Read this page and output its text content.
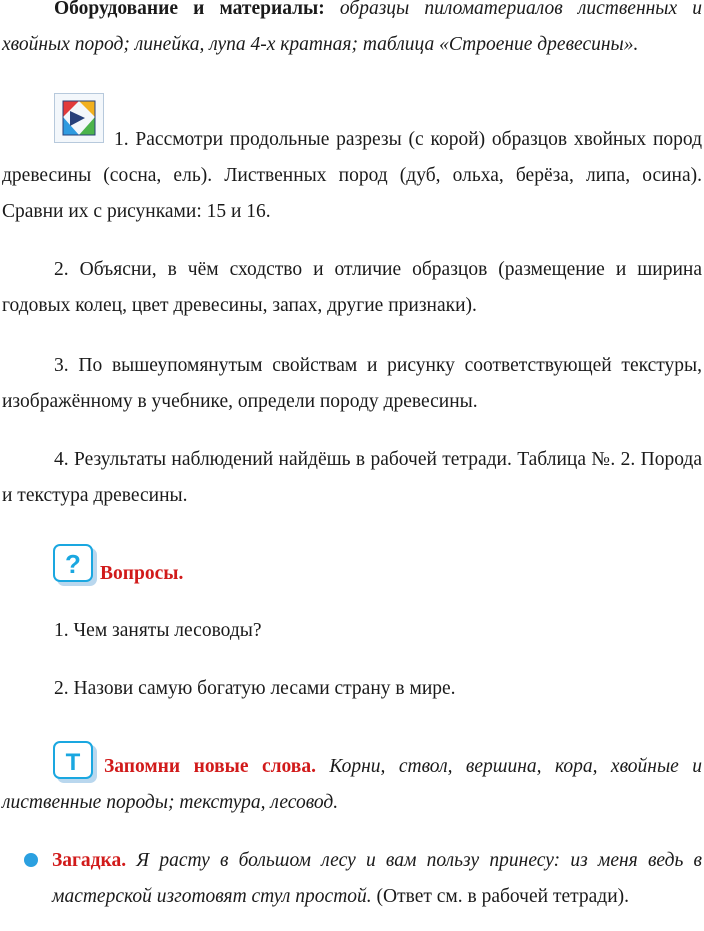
Оборудование и материалы: образцы пиломатериалов лиственных и хвойных пород; линейка, лупа 4-х кратная; таблица «Строение древесины».

1. Рассмотри продольные разрезы (с корой) образцов хвойных пород древесины (сосна, ель). Лиственных пород (дуб, ольха, берёза, липа, осина). Сравни их с рисунками: 15 и 16.

2. Объясни, в чём сходство и отличие образцов (размещение и ширина годовых колец, цвет древесины, запах, другие признаки).

3. По вышеупомянутым свойствам и рисунку соответствующей текстуры, изображённому в учебнике, определи породу древесины.

4. Результаты наблюдений найдёшь в рабочей тетради. Таблица №. 2. Порода и текстура древесины.

? Вопросы.

1. Чем заняты лесоводы?

2. Назови самую богатую лесами страну в мире.

T	Запомни новые слова. Корни, ствол, вершина, кора, хвойные и лиственные породы; текстура, лесовод.

Загадка. Я расту в большом лесу и вам пользу принесу: из меня ведь в мастерской изготовят стул простой. (Ответ см. в рабочей тетради).
